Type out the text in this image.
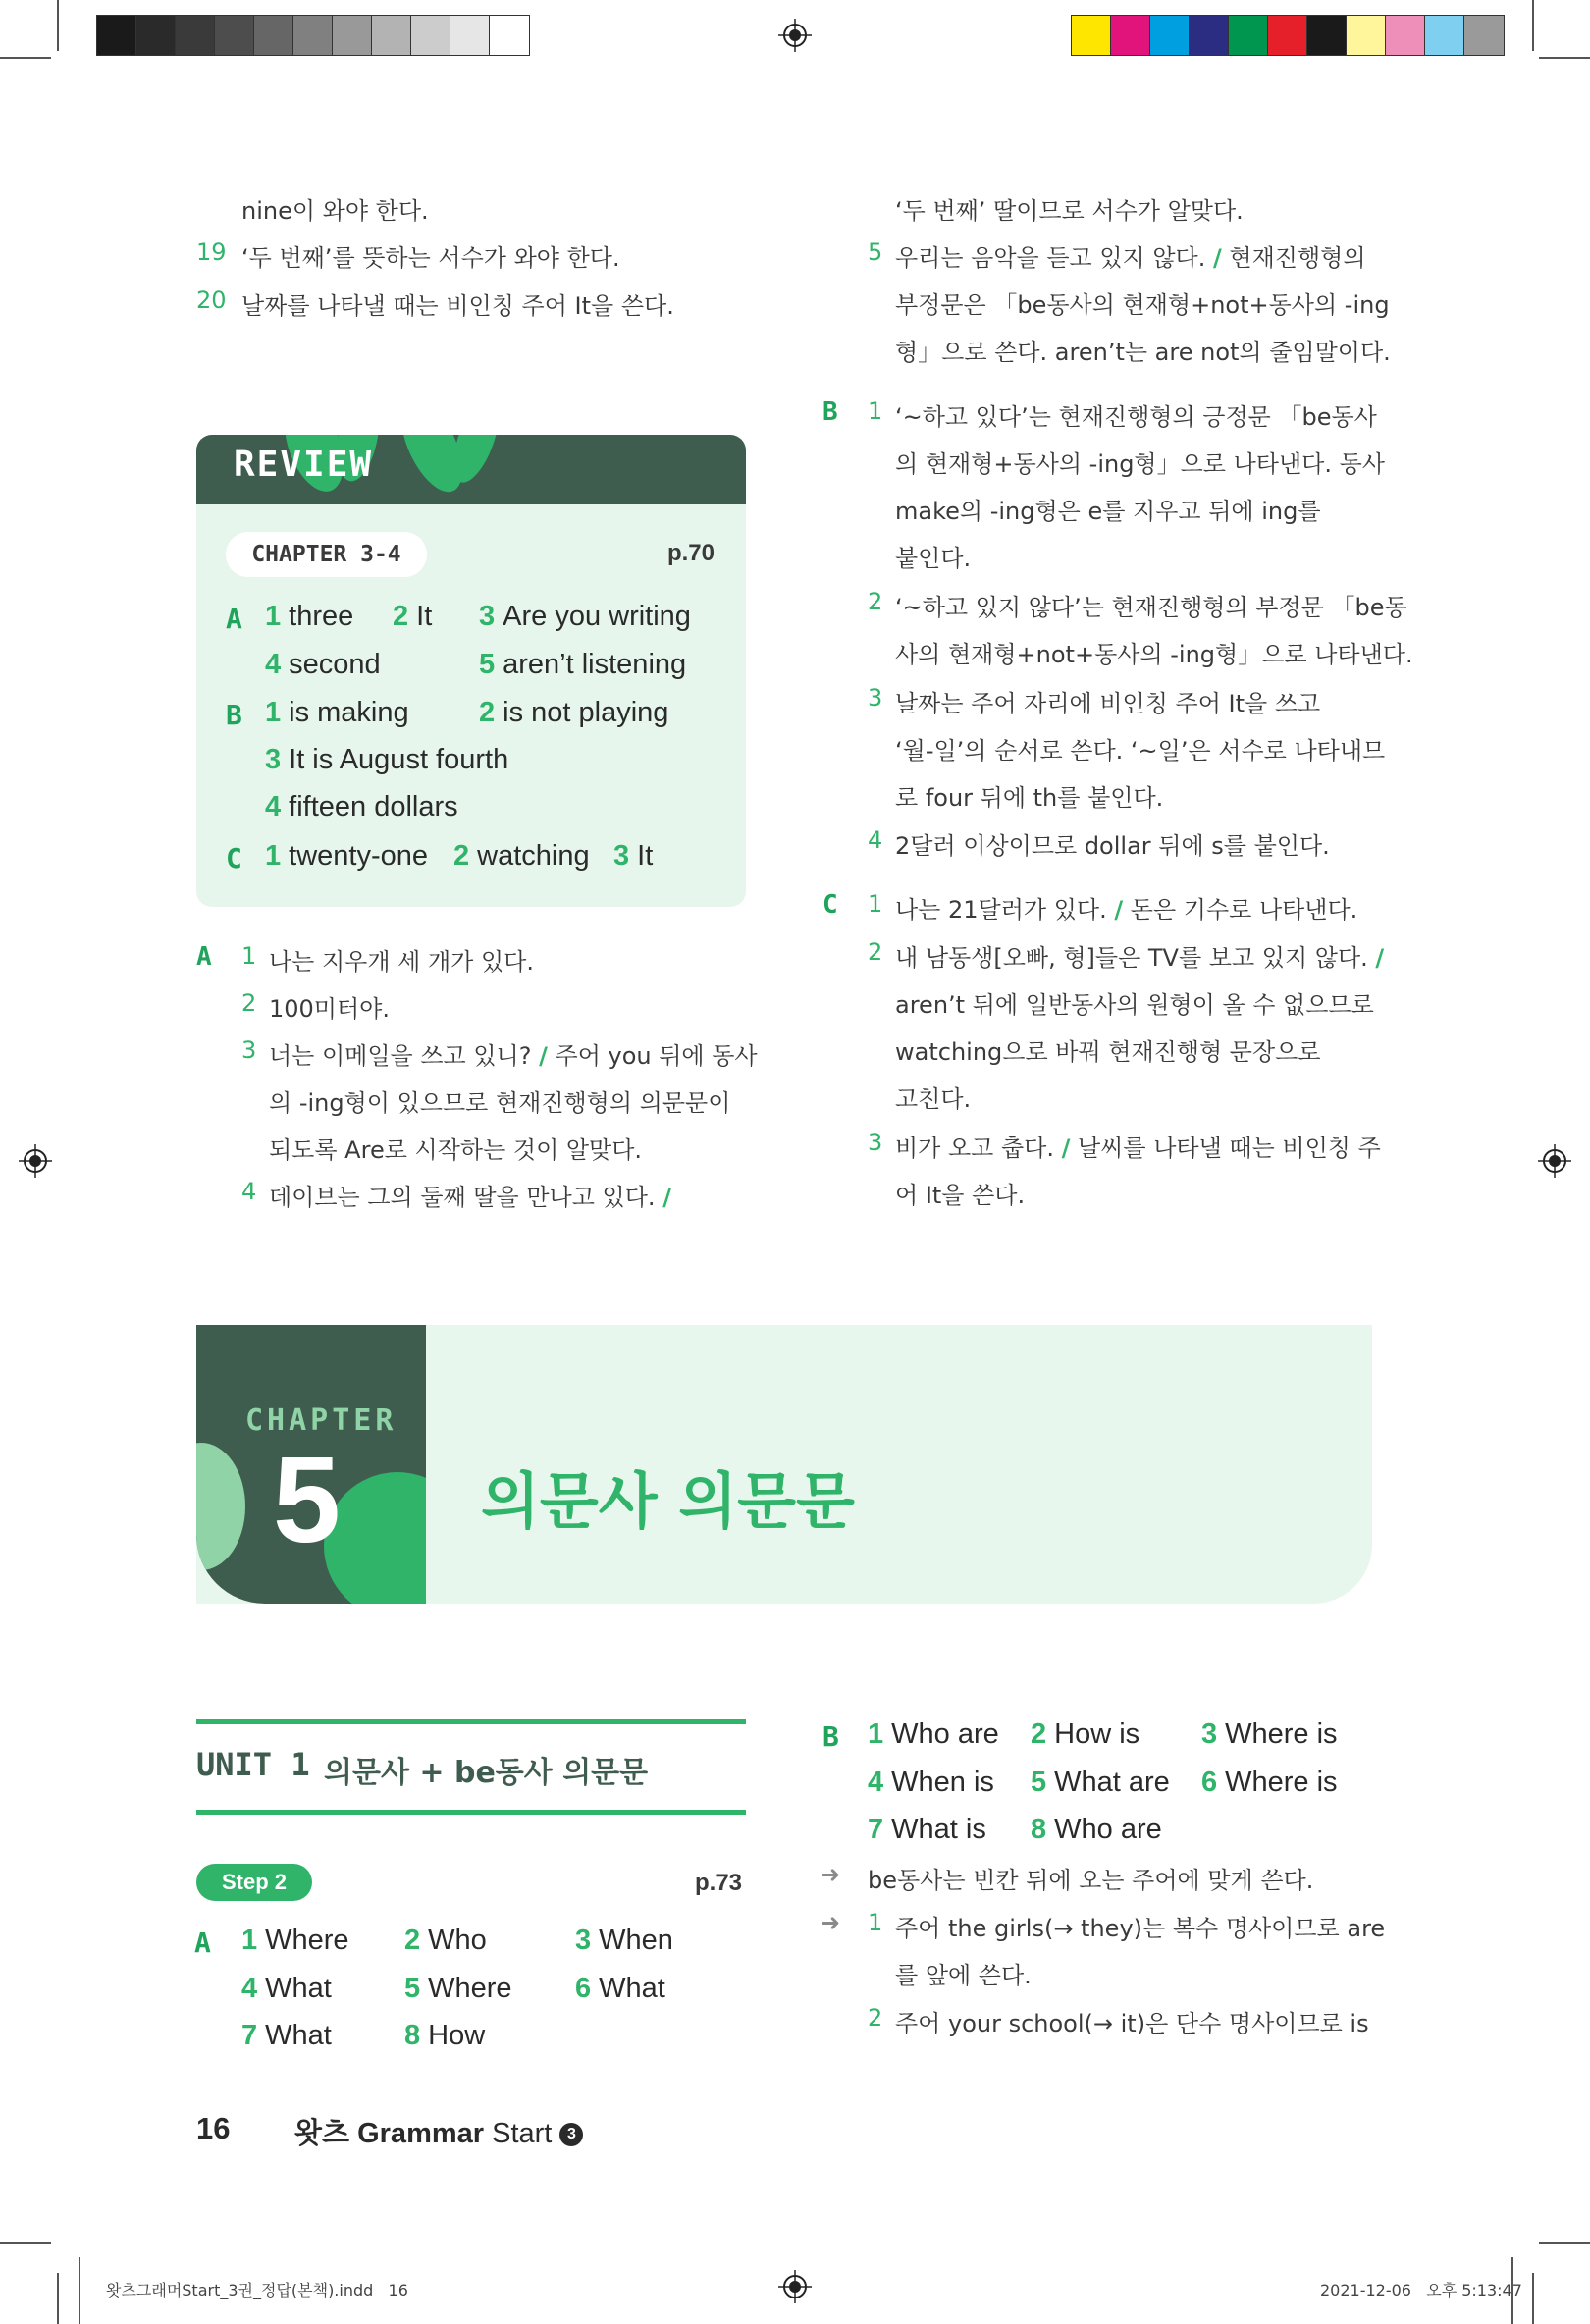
nine이 와야 한다.
19 ‘두 번째’를 뜻하는 서수가 와야 한다.
20 날짜를 나타낼 때는 비인칭 주어 It을 쓴다.
REVIEW
CHAPTER 3-4	p.70
A 1 three 2 It 3 Are you writing
4 second	5 aren’t listening
B 1 is making 2 is not playing
3 It is August fourth
4 fifteen dollars
C 1 twenty-one 2 watching 3 It
A 1 나는 지우개 세 개가 있다.
2 100미터야.
3 너는 이메일을 쓰고 있니? / 주어 you 뒤에 동사
의 -ing형이 있으므로 현재진행형의 의문문이
되도록 Are로 시작하는 것이 알맞다.
4 데이브는 그의 둘째 딸을 만나고 있다. /
‘두 번째’ 딸이므로 서수가 알맞다.
5 우리는 음악을 듣고 있지 않다. / 현재진행형의
부정문은 「be동사의 현재형+not+동사의 -ing
형」으로 쓴다. aren’t는 are not의 줄임말이다.
B 1 ‘~하고 있다’는 현재진행형의 긍정문 「be동사
의 현재형+동사의 -ing형」으로 나타낸다. 동사
make의 -ing형은 e를 지우고 뒤에 ing를
붙인다.
2 ‘~하고 있지 않다’는 현재진행형의 부정문 「be동
사의 현재형+not+동사의 -ing형」으로 나타낸다.
3 날짜는 주어 자리에 비인칭 주어 It을 쓰고
‘월-일’의 순서로 쓴다. ‘~일’은 서수로 나타내므
로 four 뒤에 th를 붙인다.
4 2달러 이상이므로 dollar 뒤에 s를 붙인다.
C 1 나는 21달러가 있다. / 돈은 기수로 나타낸다.
2 내 남동생[오빠, 형]들은 TV를 보고 있지 않다. /
aren’t 뒤에 일반동사의 원형이 올 수 없으므로
watching으로 바꿔 현재진행형 문장으로
고친다.
3 비가 오고 춥다. / 날씨를 나타낼 때는 비인칭 주
어 It을 쓴다.
CHAPTER
5 의문사 의문문
UNIT 1 의문사 + be동사 의문문
Step 2	p.73
A 1 Where 2 Who	3 When
4 What	5 Where 6 What
7 What	8 How
B 1 Who are 2 How is 3 Where is
4 When is 5 What are 6 Where is
7 What is 8 Who are
➜ be동사는 빈칸 뒤에 오는 주어에 맞게 쓴다.
➜ 1 주어 the girls(→ they)는 복수 명사이므로 are
를 앞에 쓴다.
2 주어 your school(→ it)은 단수 명사이므로 is
16 왓츠 Grammar Start 3
왓츠그래머Start_3권_정답(본책).indd   16	2021-12-06   오후 5:13:47
